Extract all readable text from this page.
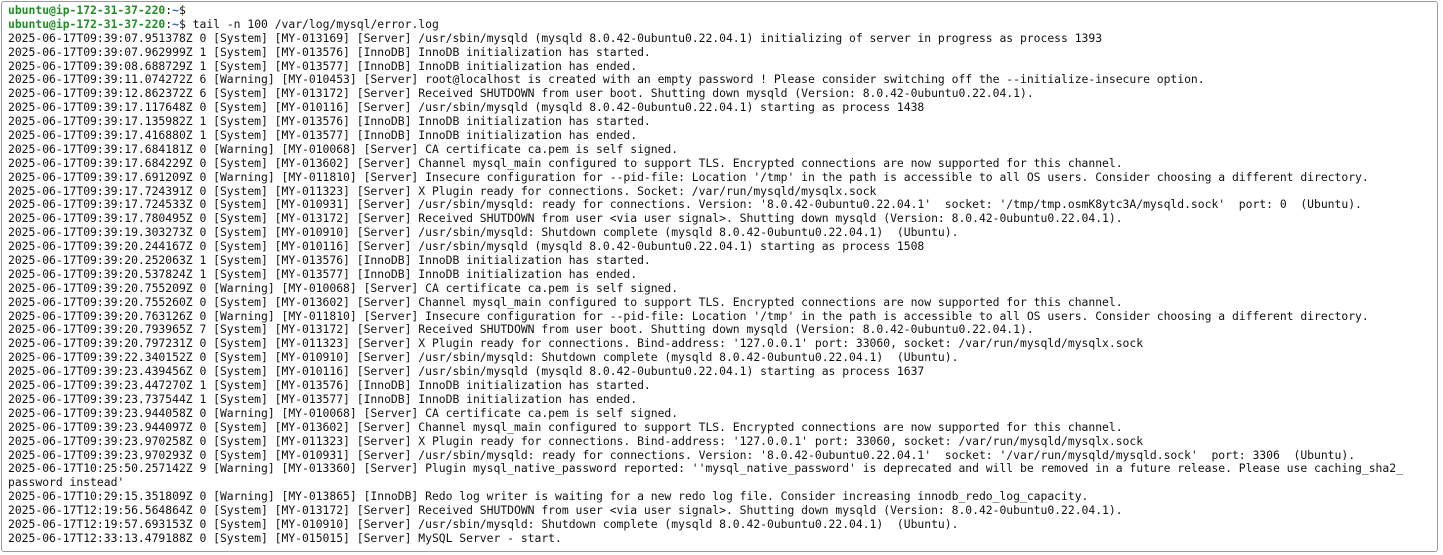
ubuntu@ip-172-31-37-220:~$
ubuntu@ip-172-31-37-220:~$ tail -n 100 /var/log/mysql/error.log
2025-06-17T09:39:07.951378Z 0 [System] [MY-013169] [Server] /usr/sbin/mysqld (mysqld 8.0.42-0ubuntu0.22.04.1) initializing of server in progress as process 1393
2025-06-17T09:39:07.962999Z 1 [System] [MY-013576] [InnoDB] InnoDB initialization has started.
2025-06-17T09:39:08.688729Z 1 [System] [MY-013577] [InnoDB] InnoDB initialization has ended.
2025-06-17T09:39:11.074272Z 6 [Warning] [MY-010453] [Server] root@localhost is created with an empty password ! Please consider switching off the --initialize-insecure option.
2025-06-17T09:39:12.862372Z 6 [System] [MY-013172] [Server] Received SHUTDOWN from user boot. Shutting down mysqld (Version: 8.0.42-0ubuntu0.22.04.1).
2025-06-17T09:39:17.117648Z 0 [System] [MY-010116] [Server] /usr/sbin/mysqld (mysqld 8.0.42-0ubuntu0.22.04.1) starting as process 1438
2025-06-17T09:39:17.135982Z 1 [System] [MY-013576] [InnoDB] InnoDB initialization has started.
2025-06-17T09:39:17.416880Z 1 [System] [MY-013577] [InnoDB] InnoDB initialization has ended.
2025-06-17T09:39:17.684181Z 0 [Warning] [MY-010068] [Server] CA certificate ca.pem is self signed.
2025-06-17T09:39:17.684229Z 0 [System] [MY-013602] [Server] Channel mysql_main configured to support TLS. Encrypted connections are now supported for this channel.
2025-06-17T09:39:17.691209Z 0 [Warning] [MY-011810] [Server] Insecure configuration for --pid-file: Location '/tmp' in the path is accessible to all OS users. Consider choosing a different directory.
2025-06-17T09:39:17.724391Z 0 [System] [MY-011323] [Server] X Plugin ready for connections. Socket: /var/run/mysqld/mysqlx.sock
2025-06-17T09:39:17.724533Z 0 [System] [MY-010931] [Server] /usr/sbin/mysqld: ready for connections. Version: '8.0.42-0ubuntu0.22.04.1'  socket: '/tmp/tmp.osmK8ytc3A/mysqld.sock'  port: 0  (Ubuntu).
2025-06-17T09:39:17.780495Z 0 [System] [MY-013172] [Server] Received SHUTDOWN from user <via user signal>. Shutting down mysqld (Version: 8.0.42-0ubuntu0.22.04.1).
2025-06-17T09:39:19.303273Z 0 [System] [MY-010910] [Server] /usr/sbin/mysqld: Shutdown complete (mysqld 8.0.42-0ubuntu0.22.04.1)  (Ubuntu).
2025-06-17T09:39:20.244167Z 0 [System] [MY-010116] [Server] /usr/sbin/mysqld (mysqld 8.0.42-0ubuntu0.22.04.1) starting as process 1508
2025-06-17T09:39:20.252063Z 1 [System] [MY-013576] [InnoDB] InnoDB initialization has started.
2025-06-17T09:39:20.537824Z 1 [System] [MY-013577] [InnoDB] InnoDB initialization has ended.
2025-06-17T09:39:20.755209Z 0 [Warning] [MY-010068] [Server] CA certificate ca.pem is self signed.
2025-06-17T09:39:20.755260Z 0 [System] [MY-013602] [Server] Channel mysql_main configured to support TLS. Encrypted connections are now supported for this channel.
2025-06-17T09:39:20.763126Z 0 [Warning] [MY-011810] [Server] Insecure configuration for --pid-file: Location '/tmp' in the path is accessible to all OS users. Consider choosing a different directory.
2025-06-17T09:39:20.793965Z 7 [System] [MY-013172] [Server] Received SHUTDOWN from user boot. Shutting down mysqld (Version: 8.0.42-0ubuntu0.22.04.1).
2025-06-17T09:39:20.797231Z 0 [System] [MY-011323] [Server] X Plugin ready for connections. Bind-address: '127.0.0.1' port: 33060, socket: /var/run/mysqld/mysqlx.sock
2025-06-17T09:39:22.340152Z 0 [System] [MY-010910] [Server] /usr/sbin/mysqld: Shutdown complete (mysqld 8.0.42-0ubuntu0.22.04.1)  (Ubuntu).
2025-06-17T09:39:23.439456Z 0 [System] [MY-010116] [Server] /usr/sbin/mysqld (mysqld 8.0.42-0ubuntu0.22.04.1) starting as process 1637
2025-06-17T09:39:23.447270Z 1 [System] [MY-013576] [InnoDB] InnoDB initialization has started.
2025-06-17T09:39:23.737544Z 1 [System] [MY-013577] [InnoDB] InnoDB initialization has ended.
2025-06-17T09:39:23.944058Z 0 [Warning] [MY-010068] [Server] CA certificate ca.pem is self signed.
2025-06-17T09:39:23.944097Z 0 [System] [MY-013602] [Server] Channel mysql_main configured to support TLS. Encrypted connections are now supported for this channel.
2025-06-17T09:39:23.970258Z 0 [System] [MY-011323] [Server] X Plugin ready for connections. Bind-address: '127.0.0.1' port: 33060, socket: /var/run/mysqld/mysqlx.sock
2025-06-17T09:39:23.970293Z 0 [System] [MY-010931] [Server] /usr/sbin/mysqld: ready for connections. Version: '8.0.42-0ubuntu0.22.04.1'  socket: '/var/run/mysqld/mysqld.sock'  port: 3306  (Ubuntu).
2025-06-17T10:25:50.257142Z 9 [Warning] [MY-013360] [Server] Plugin mysql_native_password reported: ''mysql_native_password' is deprecated and will be removed in a future release. Please use caching_sha2_
password instead'
2025-06-17T10:29:15.351809Z 0 [Warning] [MY-013865] [InnoDB] Redo log writer is waiting for a new redo log file. Consider increasing innodb_redo_log_capacity.
2025-06-17T12:19:56.564864Z 0 [System] [MY-013172] [Server] Received SHUTDOWN from user <via user signal>. Shutting down mysqld (Version: 8.0.42-0ubuntu0.22.04.1).
2025-06-17T12:19:57.693153Z 0 [System] [MY-010910] [Server] /usr/sbin/mysqld: Shutdown complete (mysqld 8.0.42-0ubuntu0.22.04.1)  (Ubuntu).
2025-06-17T12:33:13.479188Z 0 [System] [MY-015015] [Server] MySQL Server - start.
